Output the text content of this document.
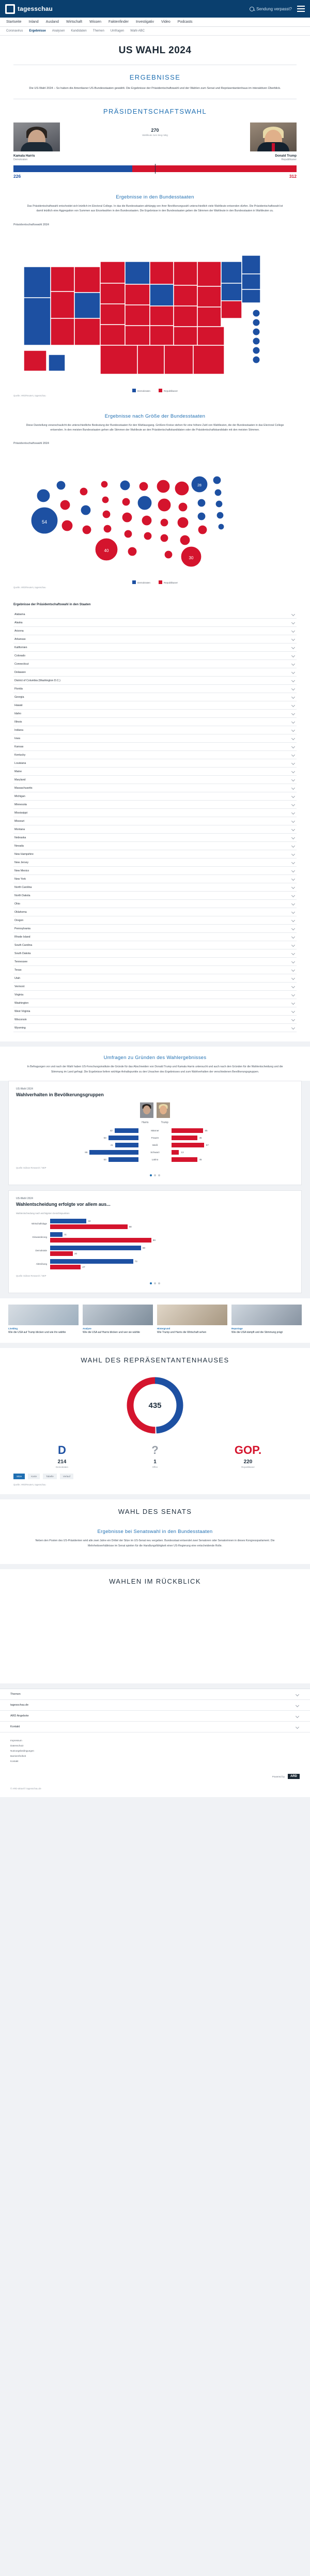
tagesschau	Sendung verpasst?
Startseite Inland Ausland Wirtschaft Wissen Faktenfinder Investigativ Video Podcasts
Coronavirus Ergebnisse Analysen Kandidaten Themen Umfragen Wahl-ABC
US WAHL 2024
ERGEBNISSE
Die US-Wahl 2024 – So haben die Amerikaner US-Bundesstaaten gewählt. Die Ergebnisse der Präsidentschaftswahl und der Wahlen zum Senat und Repräsentantenhaus im interaktiven Überblick.
PRÄSIDENTSCHAFTSWAHL
Kamala Harris
Demokraten
270
Wahlleute zum Sieg nötig
Donald Trump
Republikaner
226	312
Ergebnisse in den Bundesstaaten
Das Präsidentschaftswahl entscheidet sich letztlich im Electoral College. In das die Bundesstaaten abhängig von ihrer Bevölkerungszahl unterschiedlich viele Wahlleute entsenden dürfen. Die Präsidentschaftswahl ist damit letztlich eine Aggregation von Summen aus Einzelwahlen in den Bundesstaaten. Die Ergebnisse in den Bundesstaaten geben die Stimmen der Wahlleute in den Bundesstaaten in Wahlleuten zu.
Präsidentschaftswahl 2024
Demokraten	Republikaner
Quelle: ARD/Reuters, tagesschau
Ergebnisse nach Größe der Bundesstaaten
Diese Darstellung veranschaulicht die unterschiedliche Bedeutung der Bundesstaaten für den Wahlausgang. Größere Kreise stehen für eine höhere Zahl von Wahlleuten, die der Bundesstaaten in das Electoral College entsenden. In den meisten Bundesstaaten gehen alle Stimmen der Wahlleute an den Präsidentschaftskandidaten oder die Präsidentschaftskandidatin mit den meisten Stimmen.
Präsidentschaftswahl 2024
54
40
30
28
Demokraten	Republikaner
Quelle: ARD/Reuters, tagesschau
Ergebnisse der Präsidentschaftswahl in den Staaten
Alabama
Alaska
Arizona
Arkansas
Kalifornien
Colorado
Connecticut
Delaware
District of Columbia (Washington D.C.)
Florida
Georgia
Hawaii
Idaho
Illinois
Indiana
Iowa
Kansas
Kentucky
Louisiana
Maine
Maryland
Massachusetts
Michigan
Minnesota
Mississippi
Missouri
Montana
Nebraska
Nevada
New Hampshire
New Jersey
New Mexico
New York
North Carolina
North Dakota
Ohio
Oklahoma
Oregon
Pennsylvania
Rhode Island
South Carolina
South Dakota
Tennessee
Texas
Utah
Vermont
Virginia
Washington
West Virginia
Wisconsin
Wyoming
Umfragen zu Gründen des Wahlergebnisses
In Befragungen vor und nach der Wahl haben US-Forschungsinstitute die Gründe für das Abschneiden von Donald Trump und Kamala Harris untersucht und auch nach den Gründen für die Wahlentscheidung und die Stimmung im Land gefragt. Die Ergebnisse liefern wichtige Anhaltspunkte zu den Ursachen des Ergebnisses und zum Wahlverhalten der verschiedenen Bevölkerungsgruppen.
US-Wahl 2024
Wahlverhalten in Bevölkerungsgruppen
Harris	Trump
42	Männer	55
53	Frauen	45
41	Weiß	57
86	Schwarz	13
53	Latino	45
Quelle: Edison Research / NEP
US-Wahl 2024
Wahlentscheidung erfolgte vor allem aus...
Wahlentscheidung nach wichtigsten Gesichtspunkten
Wirtschaftslage
32
68
Einwanderung
11
89
Demokratie
80
20
Abtreibung
73
27
Quelle: Edison Research / NEP
Liveblog
Wie die USA auf Trump blicken und wie ihn wählte
Analyse
Wie die USA auf Harris blicken und wer sie wählte
Hintergrund
Wie Trump und Harris die Wirtschaft sehen
Reportage
Wie die USA kämpft und die Stimmung prägt
WAHL DES REPRÄSENTANTENHAUSES
435
D
214
Demokraten
?
1
Offen
GOP.
220
Republikaner
Sitze	Karte	Tabelle	Verlauf
Quelle: ARD/Reuters, tagesschau
WAHL DES SENATS
Ergebnisse bei Senatswahl in den Bundesstaaten
Neben den Posten des US-Präsidenten wird alle zwei Jahre ein Drittel der Sitze im US-Senat neu vergeben. Bundesstaat entsendet zwei Senatoren oder Senatorinnen in dieses Kongressparlament. Die Mehrheitsverhältnisse im Senat spielen für die Handlungsfähigkeit einer US-Regierung eine entscheidende Rolle.
WAHLEN IM RÜCKBLICK
Themen
tagesschau.de
ARD Angebote
Kontakt
Impressum
Datenschutz
Nutzungsbedingungen
Barrierefreiheit
Kontakt
Powered by	ARD
© ARD-aktuell / tagesschau.de
